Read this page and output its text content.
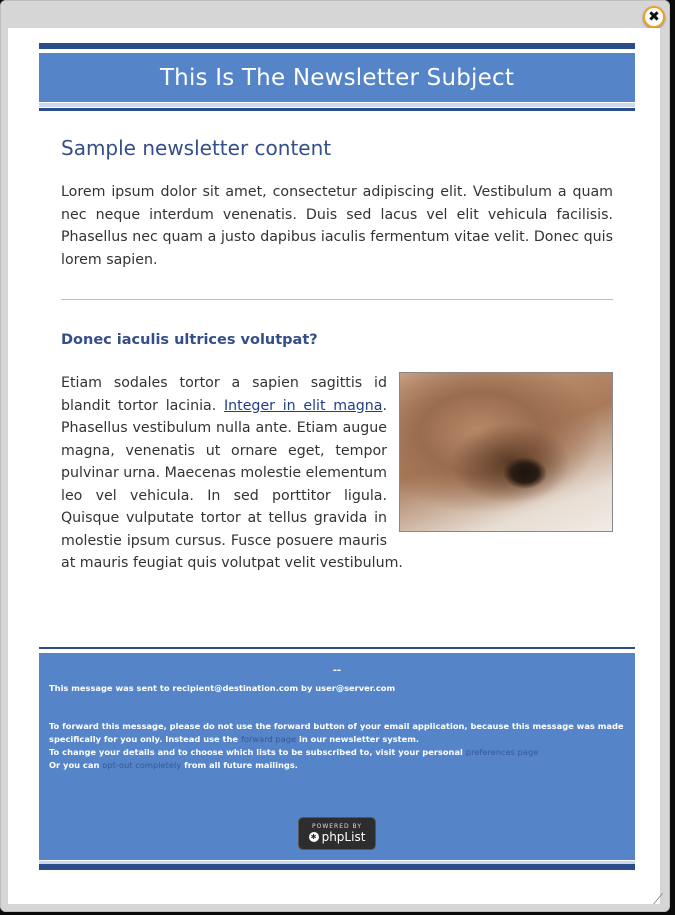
✖
This Is The Newsletter Subject
Sample newsletter content
Lorem ipsum dolor sit amet, consectetur adipiscing elit. Vestibulum a quam nec neque interdum venenatis. Duis sed lacus vel elit vehicula facilisis. Phasellus nec quam a justo dapibus iaculis fermentum vitae velit. Donec quis lorem sapien.
Donec iaculis ultrices volutpat?
Etiam sodales tortor a sapien sagittis id blandit tortor lacinia. Integer in elit magna. Phasellus vestibulum nulla ante. Etiam augue magna, venenatis ut ornare eget, tempor pulvinar urna. Maecenas molestie elementum leo vel vehicula. In sed porttitor ligula. Quisque vulputate tortor at tellus gravida in molestie ipsum cursus. Fusce posuere mauris at mauris feugiat quis volutpat velit vestibulum.
--
This message was sent to recipient@destination.com by user@server.com
To forward this message, please do not use the forward button of your email application, because this message was made specifically for you only. Instead use the forward page in our newsletter system.
To change your details and to choose which lists to be subscribed to, visit your personal preferences page
Or you can opt-out completely from all future mailings.
POWERED BY
✱ phpList
⟋
